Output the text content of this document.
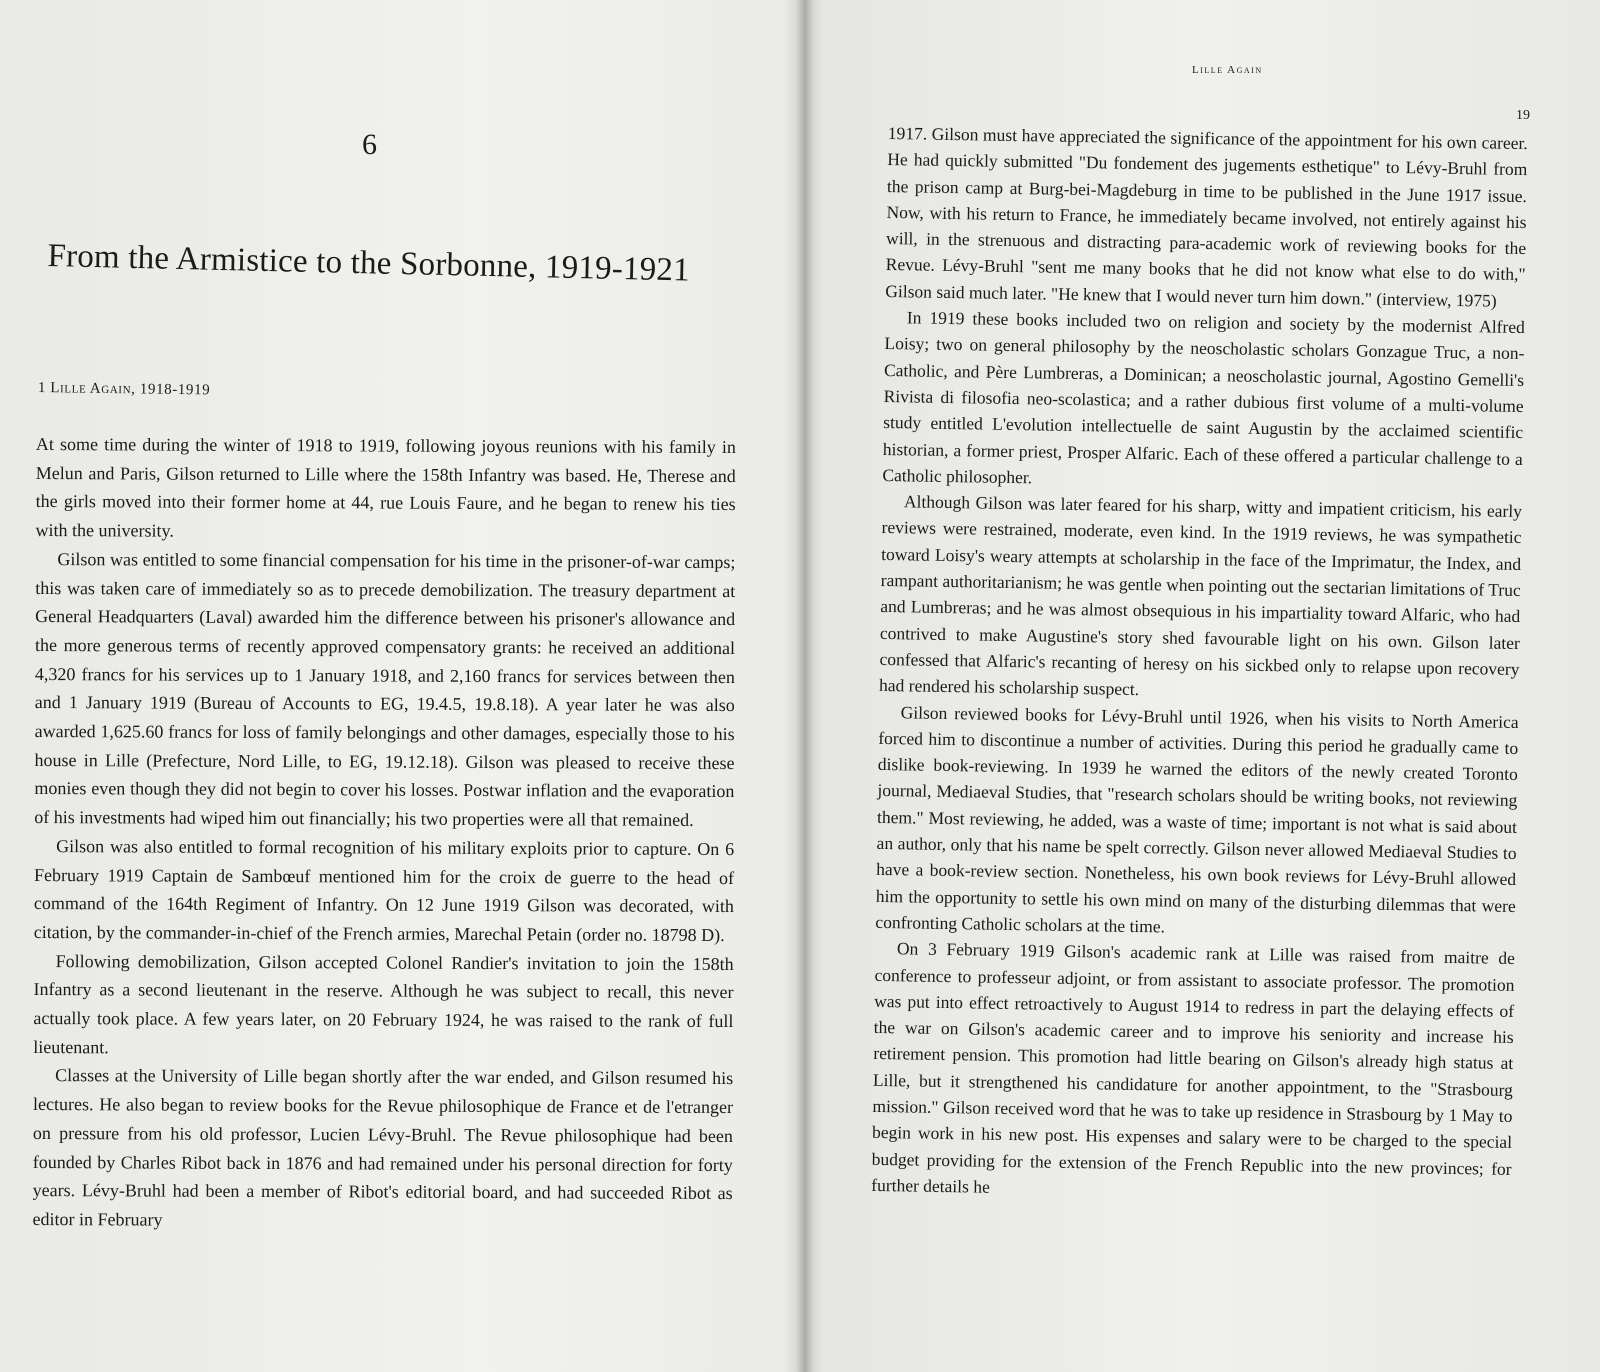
6
From the Armistice to the Sorbonne, 1919-1921
1 Lille Again, 1918-1919

At some time during the winter of 1918 to 1919, following joyous reunions with his family in Melun and Paris, Gilson returned to Lille where the 158th Infantry was based. He, Therese and the girls moved into their former home at 44, rue Louis Faure, and he began to renew his ties with the university.

Gilson was entitled to some financial compensation for his time in the prisoner-of-war camps; this was taken care of immediately so as to precede demobilization. The treasury department at General Headquarters (Laval) awarded him the difference between his prisoner's allowance and the more generous terms of recently approved compensatory grants: he received an additional 4,320 francs for his services up to 1 January 1918, and 2,160 francs for services between then and 1 January 1919 (Bureau of Accounts to EG, 19.4.5, 19.8.18). A year later he was also awarded 1,625.60 francs for loss of family belongings and other damages, especially those to his house in Lille (Prefecture, Nord Lille, to EG, 19.12.18). Gilson was pleased to receive these monies even though they did not begin to cover his losses. Postwar inflation and the evaporation of his investments had wiped him out financially; his two properties were all that remained.

Gilson was also entitled to formal recognition of his military exploits prior to capture. On 6 February 1919 Captain de Sambœuf mentioned him for the croix de guerre to the head of command of the 164th Regiment of Infantry. On 12 June 1919 Gilson was decorated, with citation, by the commander-in-chief of the French armies, Marechal Petain (order no. 18798 D).

Following demobilization, Gilson accepted Colonel Randier's invitation to join the 158th Infantry as a second lieutenant in the reserve. Although he was subject to recall, this never actually took place. A few years later, on 20 February 1924, he was raised to the rank of full lieutenant.

Classes at the University of Lille began shortly after the war ended, and Gilson resumed his lectures. He also began to review books for the Revue philosophique de France et de l'etranger on pressure from his old professor, Lucien Lévy-Bruhl. The Revue philosophique had been founded by Charles Ribot back in 1876 and had remained under his personal direction for forty years. Lévy-Bruhl had been a member of Ribot's editorial board, and had succeeded Ribot as editor in February

19
Lille Again

1917. Gilson must have appreciated the significance of the appointment for his own career. He had quickly submitted "Du fondement des jugements esthetique" to Lévy-Bruhl from the prison camp at Burg-bei-Magdeburg in time to be published in the June 1917 issue. Now, with his return to France, he immediately became involved, not entirely against his will, in the strenuous and distracting para-academic work of reviewing books for the Revue. Lévy-Bruhl "sent me many books that he did not know what else to do with," Gilson said much later. "He knew that I would never turn him down." (interview, 1975)

In 1919 these books included two on religion and society by the modernist Alfred Loisy; two on general philosophy by the neoscholastic scholars Gonzague Truc, a non-Catholic, and Père Lumbreras, a Dominican; a neoscholastic journal, Agostino Gemelli's Rivista di filosofia neo-scolastica; and a rather dubious first volume of a multi-volume study entitled L'evolution intellectuelle de saint Augustin by the acclaimed scientific historian, a former priest, Prosper Alfaric. Each of these offered a particular challenge to a Catholic philosopher.

Although Gilson was later feared for his sharp, witty and impatient criticism, his early reviews were restrained, moderate, even kind. In the 1919 reviews, he was sympathetic toward Loisy's weary attempts at scholarship in the face of the Imprimatur, the Index, and rampant authoritarianism; he was gentle when pointing out the sectarian limitations of Truc and Lumbreras; and he was almost obsequious in his impartiality toward Alfaric, who had contrived to make Augustine's story shed favourable light on his own. Gilson later confessed that Alfaric's recanting of heresy on his sickbed only to relapse upon recovery had rendered his scholarship suspect.

Gilson reviewed books for Lévy-Bruhl until 1926, when his visits to North America forced him to discontinue a number of activities. During this period he gradually came to dislike book-reviewing. In 1939 he warned the editors of the newly created Toronto journal, Mediaeval Studies, that "research scholars should be writing books, not reviewing them." Most reviewing, he added, was a waste of time; important is not what is said about an author, only that his name be spelt correctly. Gilson never allowed Mediaeval Studies to have a book-review section. Nonetheless, his own book reviews for Lévy-Bruhl allowed him the opportunity to settle his own mind on many of the disturbing dilemmas that were confronting Catholic scholars at the time.

On 3 February 1919 Gilson's academic rank at Lille was raised from maitre de conference to professeur adjoint, or from assistant to associate professor. The promotion was put into effect retroactively to August 1914 to redress in part the delaying effects of the war on Gilson's academic career and to improve his seniority and increase his retirement pension. This promotion had little bearing on Gilson's already high status at Lille, but it strengthened his candidature for another appointment, to the "Strasbourg mission." Gilson received word that he was to take up residence in Strasbourg by 1 May to begin work in his new post. His expenses and salary were to be charged to the special budget providing for the extension of the French Republic into the new provinces; for further details he
